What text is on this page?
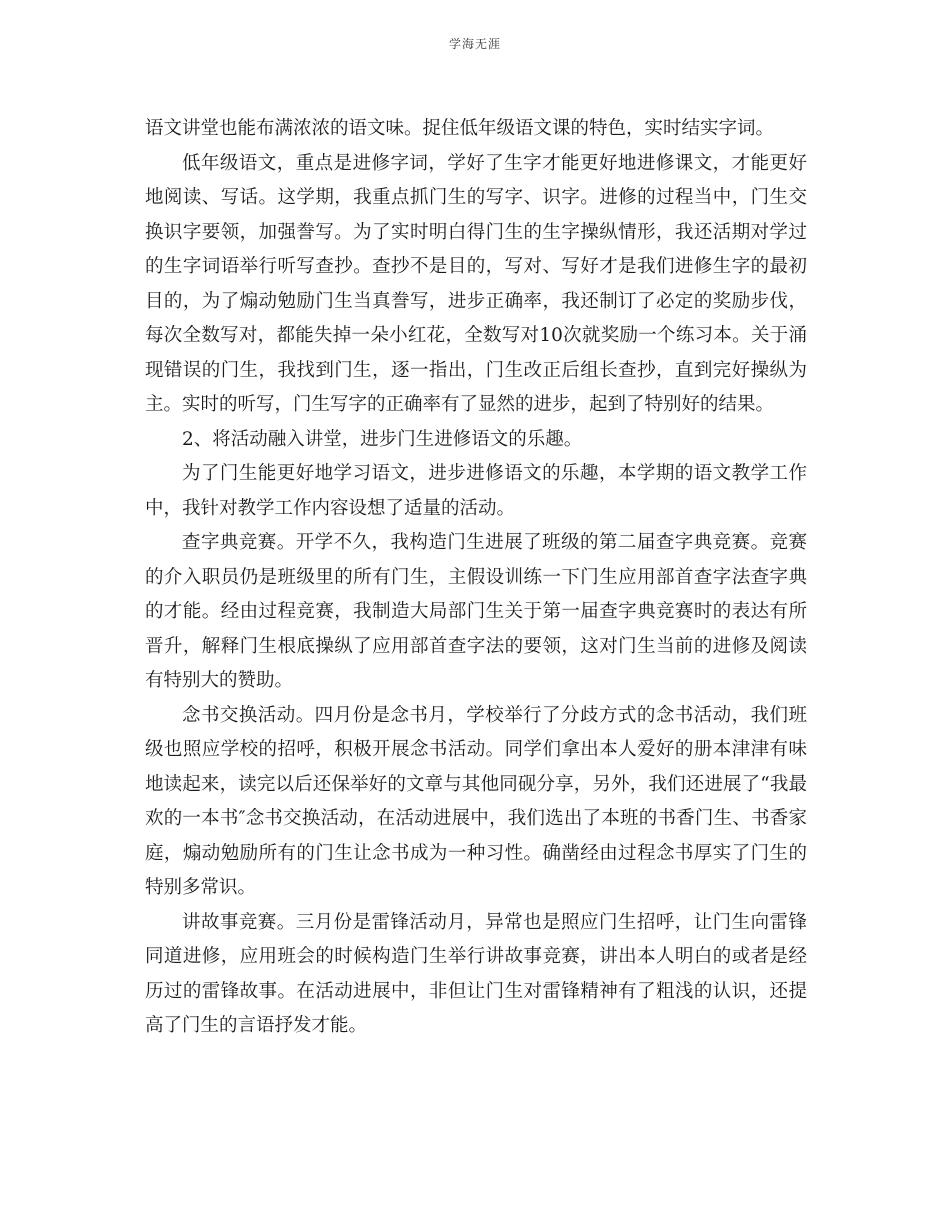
学海无涯

语文讲堂也能布满浓浓的语文味。捉住低年级语文课的特色，实时结实字词。

低年级语文，重点是进修字词，学好了生字才能更好地进修课文，才能更好地阅读、写话。这学期，我重点抓门生的写字、识字。进修的过程当中，门生交换识字要领，加强誊写。为了实时明白得门生的生字操纵情形，我还活期对学过的生字词语举行听写查抄。查抄不是目的，写对、写好才是我们进修生字的最初目的，为了煽动勉励门生当真誊写，进步正确率，我还制订了必定的奖励步伐，每次全数写对，都能失掉一朵小红花，全数写对10次就奖励一个练习本。关于涌现错误的门生，我找到门生，逐一指出，门生改正后组长查抄，直到完好操纵为主。实时的听写，门生写字的正确率有了显然的进步，起到了特别好的结果。

2、将活动融入讲堂，进步门生进修语文的乐趣。

为了门生能更好地学习语文，进步进修语文的乐趣，本学期的语文教学工作中，我针对教学工作内容设想了适量的活动。

查字典竞赛。开学不久，我构造门生进展了班级的第二届查字典竞赛。竞赛的介入职员仍是班级里的所有门生，主假设训练一下门生应用部首查字法查字典的才能。经由过程竞赛，我制造大局部门生关于第一届查字典竞赛时的表达有所晋升，解释门生根底操纵了应用部首查字法的要领，这对门生当前的进修及阅读有特别大的赞助。

念书交换活动。四月份是念书月，学校举行了分歧方式的念书活动，我们班级也照应学校的招呼，积极开展念书活动。同学们拿出本人爱好的册本津津有味地读起来，读完以后还保举好的文章与其他同砚分享，另外，我们还进展了“我最欢的一本书″念书交换活动，在活动进展中，我们选出了本班的书香门生、书香家庭，煽动勉励所有的门生让念书成为一种习性。确凿经由过程念书厚实了门生的特别多常识。

讲故事竞赛。三月份是雷锋活动月，异常也是照应门生招呼，让门生向雷锋同道进修，应用班会的时候构造门生举行讲故事竞赛，讲出本人明白的或者是经历过的雷锋故事。在活动进展中，非但让门生对雷锋精神有了粗浅的认识，还提高了门生的言语抒发才能。
